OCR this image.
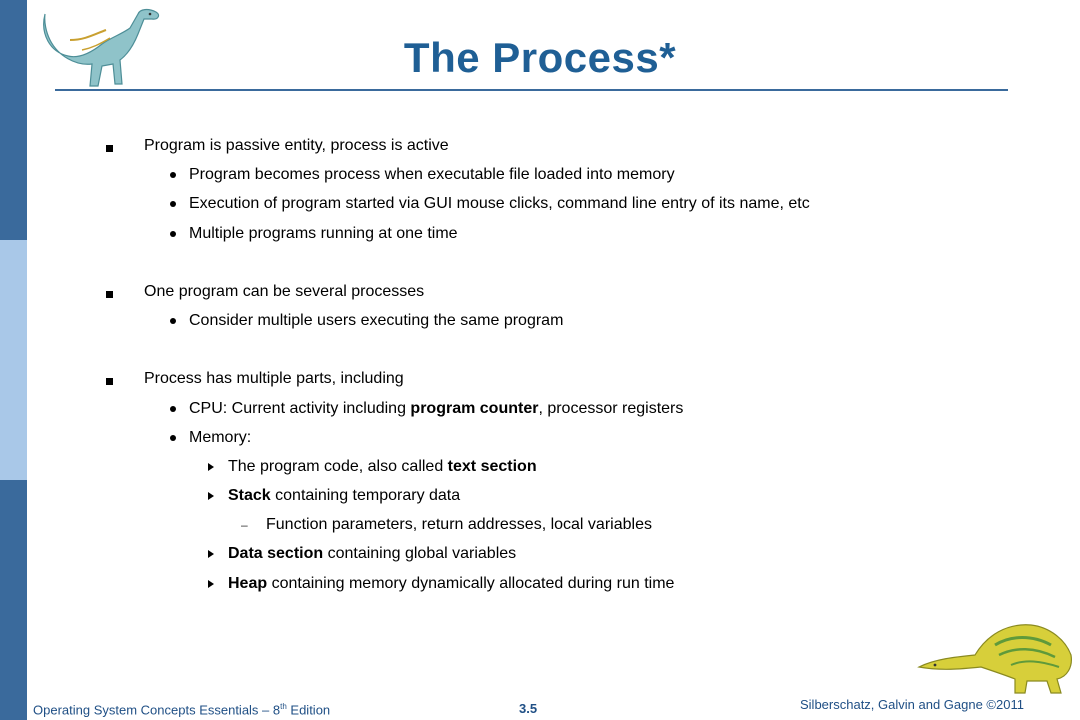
The Process*
Program is passive entity, process is active
Program becomes process when executable file loaded into memory
Execution of program started via GUI mouse clicks, command line entry of its name, etc
Multiple programs running at one time
One program can be several processes
Consider multiple users executing the same program
Process has multiple parts, including
CPU: Current activity including program counter, processor registers
Memory:
The program code, also called text section
Stack containing temporary data
– Function parameters, return addresses, local variables
Data section containing global variables
Heap containing memory dynamically allocated during run time
Operating System Concepts Essentials – 8th Edition	3.5	Silberschatz, Galvin and Gagne ©2011
